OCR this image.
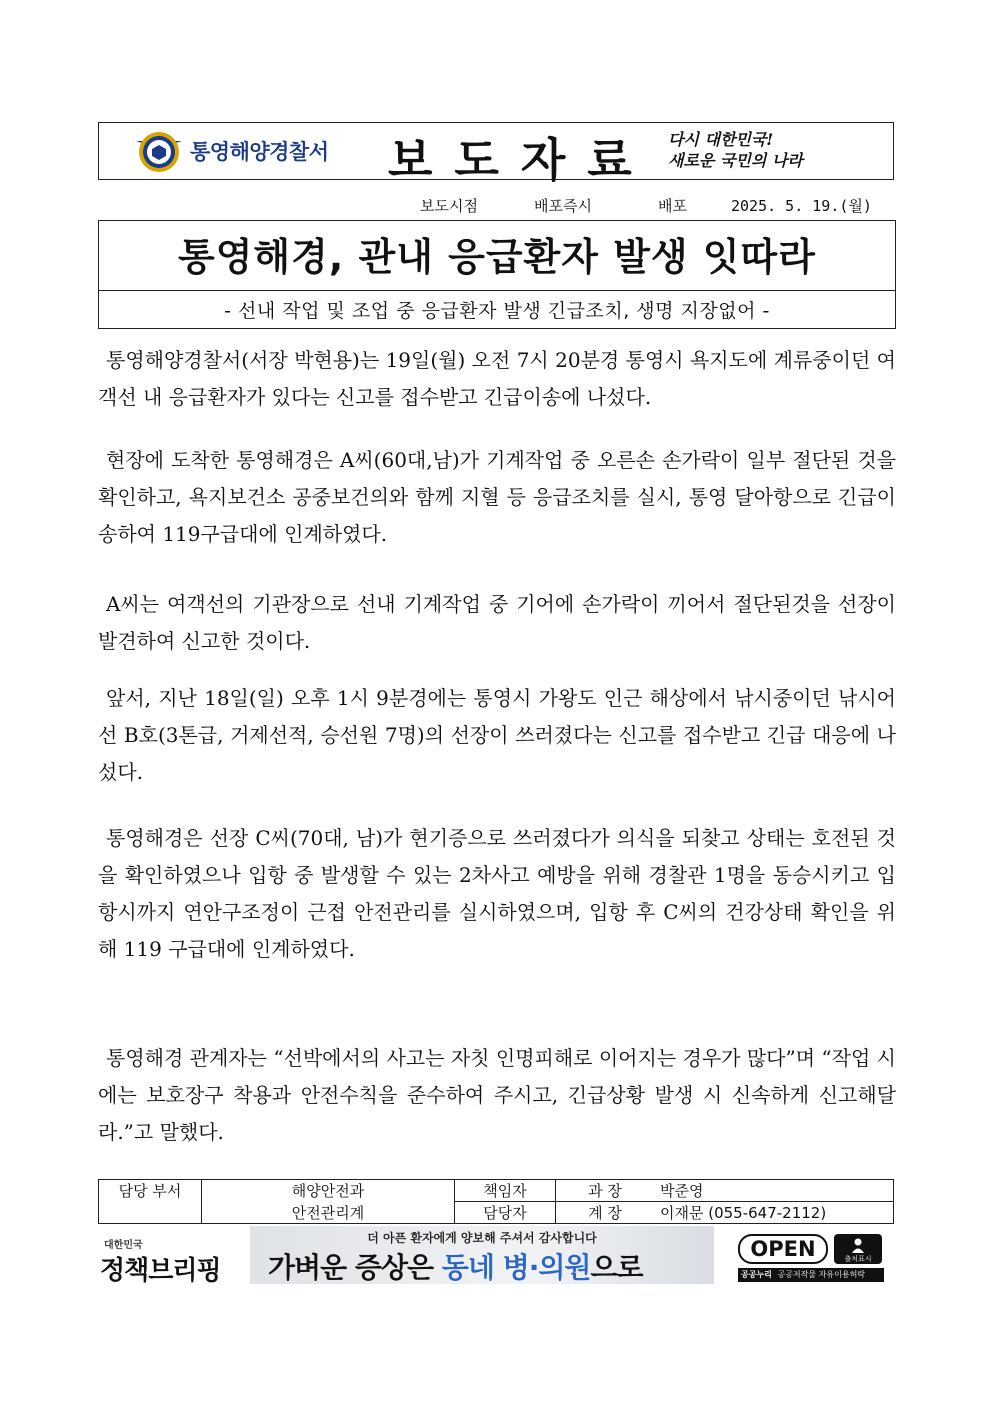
통영해양경찰서 보도자료 다시 대한민국!
새로운 국민의 나라
보도시점	배포즉시	배포	2025. 5. 19.(월)
통영해경, 관내 응급환자 발생 잇따라
- 선내 작업 및 조업 중 응급환자 발생 긴급조치, 생명 지장없어 -

통영해양경찰서(서장 박현용)는 19일(월) 오전 7시 20분경 통영시 욕지도에 계류중이던 여객선 내 응급환자가 있다는 신고를 접수받고 긴급이송에 나섰다.

현장에 도착한 통영해경은 A씨(60대,남)가 기계작업 중 오른손 손가락이 일부 절단된 것을 확인하고, 욕지보건소 공중보건의와 함께 지혈 등 응급조치를 실시, 통영 달아항으로 긴급이송하여 119구급대에 인계하였다.

A씨는 여객선의 기관장으로 선내 기계작업 중 기어에 손가락이 끼어서 절단된것을 선장이 발견하여 신고한 것이다.

앞서, 지난 18일(일) 오후 1시 9분경에는 통영시 가왕도 인근 해상에서 낚시중이던 낚시어선 B호(3톤급, 거제선적, 승선원 7명)의 선장이 쓰러졌다는 신고를 접수받고 긴급 대응에 나섰다.

통영해경은 선장 C씨(70대, 남)가 현기증으로 쓰러졌다가 의식을 되찾고 상태는 호전된 것을 확인하였으나 입항 중 발생할 수 있는 2차사고 예방을 위해 경찰관 1명을 동승시키고 입항시까지 연안구조정이 근접 안전관리를 실시하였으며, 입항 후 C씨의 건강상태 확인을 위해 119 구급대에 인계하였다.

통영해경 관계자는 “선박에서의 사고는 자칫 인명피해로 이어지는 경우가 많다”며 “작업 시에는 보호장구 착용과 안전수칙을 준수하여 주시고, 긴급상황 발생 시 신속하게 신고해달라.”고 말했다.

담당 부서	해양안전과	책임자	과 장	박준영
	안전관리계	담당자	계 장	이재문 (055-647-2112)
대한민국
정책브리핑
더 아픈 환자에게 양보해 주셔서 감사합니다
가벼운 증상은 동네 병·의원으로
OPEN	출처표시
공공누리 공공저작물 자유이용허락
